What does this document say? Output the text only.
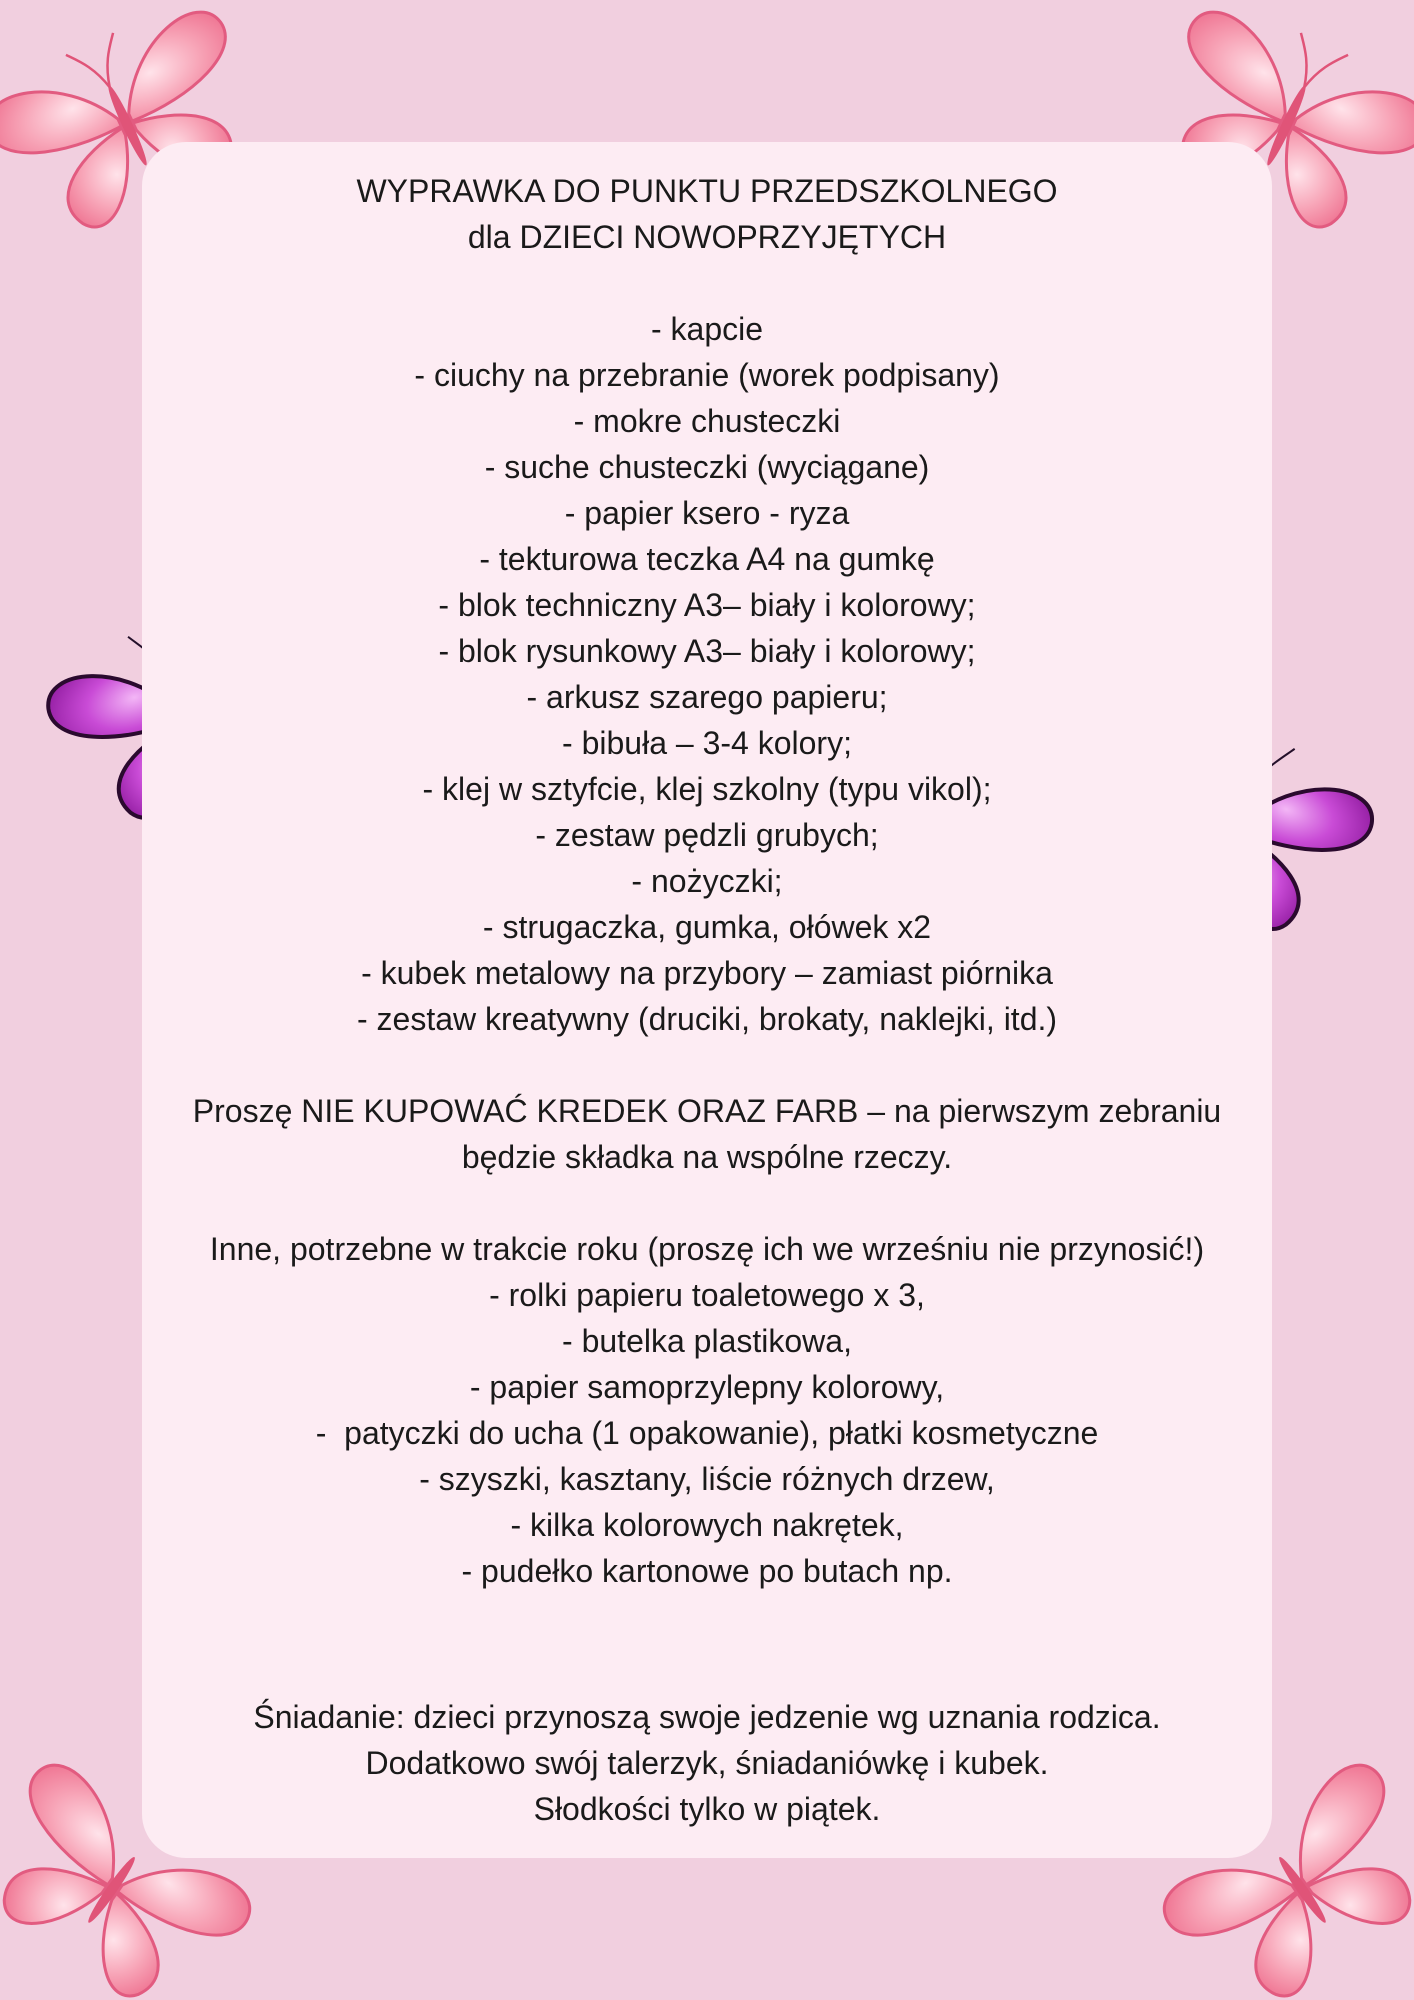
WYPRAWKA DO PUNKTU PRZEDSZKOLNEGO
dla DZIECI NOWOPRZYJĘTYCH
- kapcie
- ciuchy na przebranie (worek podpisany)
- mokre chusteczki
- suche chusteczki (wyciągane)
- papier ksero - ryza
- tekturowa teczka A4 na gumkę
- blok techniczny A3– biały i kolorowy;
- blok rysunkowy A3– biały i kolorowy;
- arkusz szarego papieru;
- bibuła – 3-4 kolory;
- klej w sztyfcie, klej szkolny (typu vikol);
- zestaw pędzli grubych;
- nożyczki;
- strugaczka, gumka, ołówek x2
- kubek metalowy na przybory – zamiast piórnika
- zestaw kreatywny (druciki, brokaty, naklejki, itd.)
Proszę NIE KUPOWAĆ KREDEK ORAZ FARB – na pierwszym zebraniu
będzie składka na wspólne rzeczy.
Inne, potrzebne w trakcie roku (proszę ich we wrześniu nie przynosić!)
- rolki papieru toaletowego x 3,
- butelka plastikowa,
- papier samoprzylepny kolorowy,
-  patyczki do ucha (1 opakowanie), płatki kosmetyczne
- szyszki, kasztany, liście różnych drzew,
- kilka kolorowych nakrętek,
- pudełko kartonowe po butach np.
Śniadanie: dzieci przynoszą swoje jedzenie wg uznania rodzica.
Dodatkowo swój talerzyk, śniadaniówkę i kubek.
Słodkości tylko w piątek.
